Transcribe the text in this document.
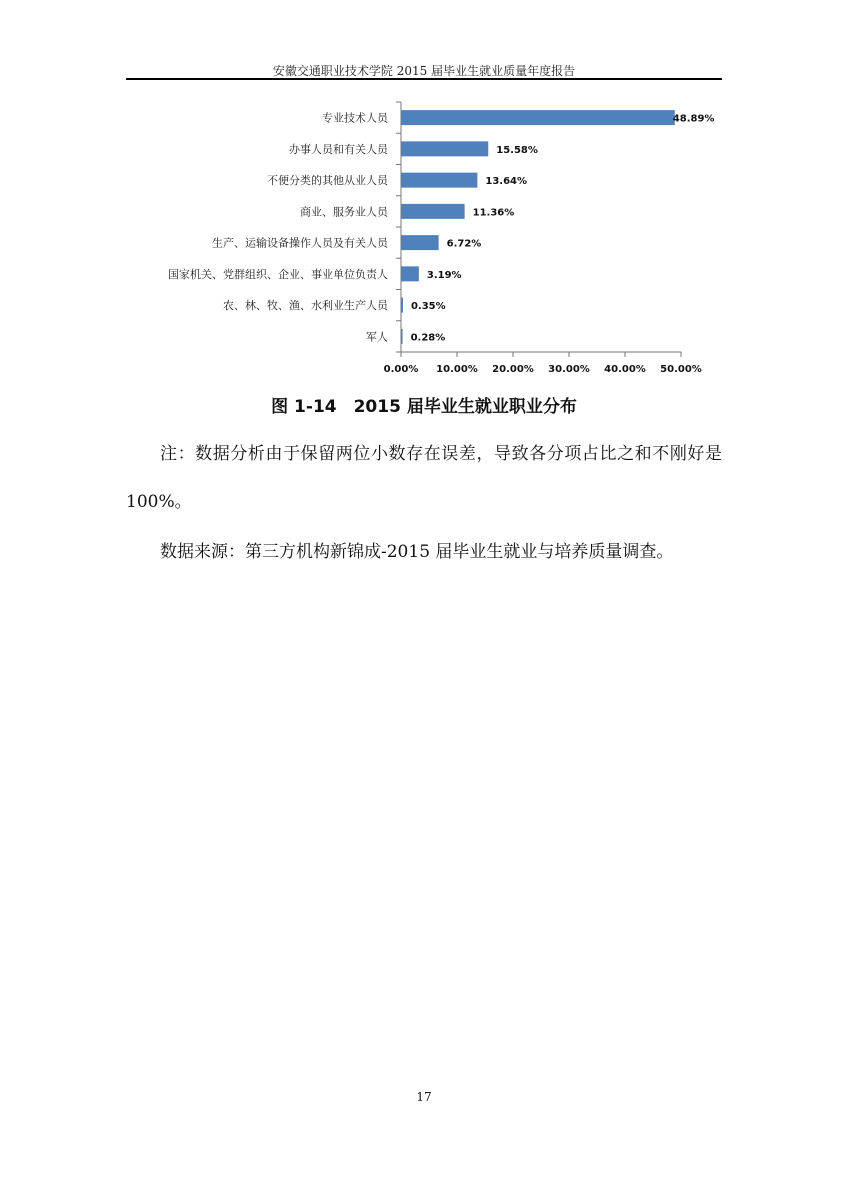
安徽交通职业技术学院 2015 届毕业生就业质量年度报告
专业技术人员	48.89%
办事人员和有关人员	15.58%
不便分类的其他从业人员	13.64%
商业、服务业人员	11.36%
生产、运输设备操作人员及有关人员	6.72%
国家机关、党群组织、企业、事业单位负责人	3.19%
农、林、牧、渔、水利业生产人员 0.35%
军人 0.28%
0.00% 10.00% 20.00% 30.00% 40.00% 50.00%
图 1-14　2015 届毕业生就业职业分布

注：数据分析由于保留两位小数存在误差，导致各分项占比之和不刚好是 100%。

数据来源：第三方机构新锦成-2015 届毕业生就业与培养质量调查。

17
